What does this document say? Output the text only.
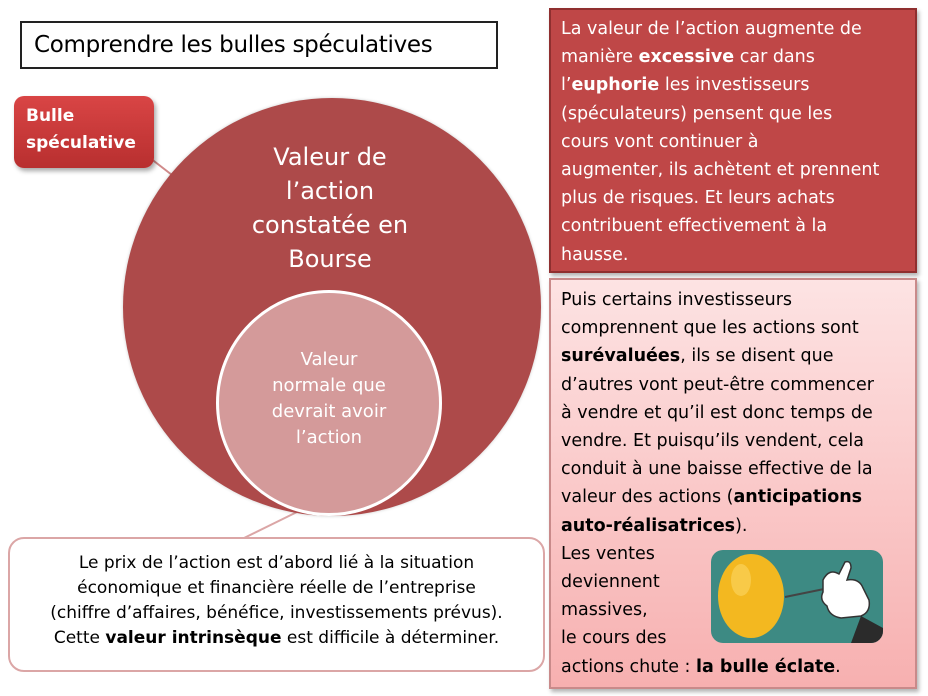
Comprendre les bulles spéculatives
Bulle
spéculative	Valeur de
l’action
constatée en
Bourse
Valeur
normale que
devrait avoir
l’action
Le prix de l’action est d’abord lié à la situation
économique et financière réelle de l’entreprise
(chiffre d’affaires, bénéfice, investissements prévus).
Cette valeur intrinsèque est difficile à déterminer.
La valeur de l’action augmente de
manière excessive car dans
l’euphorie les investisseurs
(spéculateurs) pensent que les
cours vont continuer à
augmenter, ils achètent et prennent
plus de risques. Et leurs achats
contribuent effectivement à la
hausse.
Puis certains investisseurs
comprennent que les actions sont
surévaluées, ils se disent que
d’autres vont peut-être commencer
à vendre et qu’il est donc temps de
vendre. Et puisqu’ils vendent, cela
conduit à une baisse effective de la
valeur des actions (anticipations
auto-réalisatrices).
Les ventes
deviennent
massives,
le cours des
actions chute : la bulle éclate.
